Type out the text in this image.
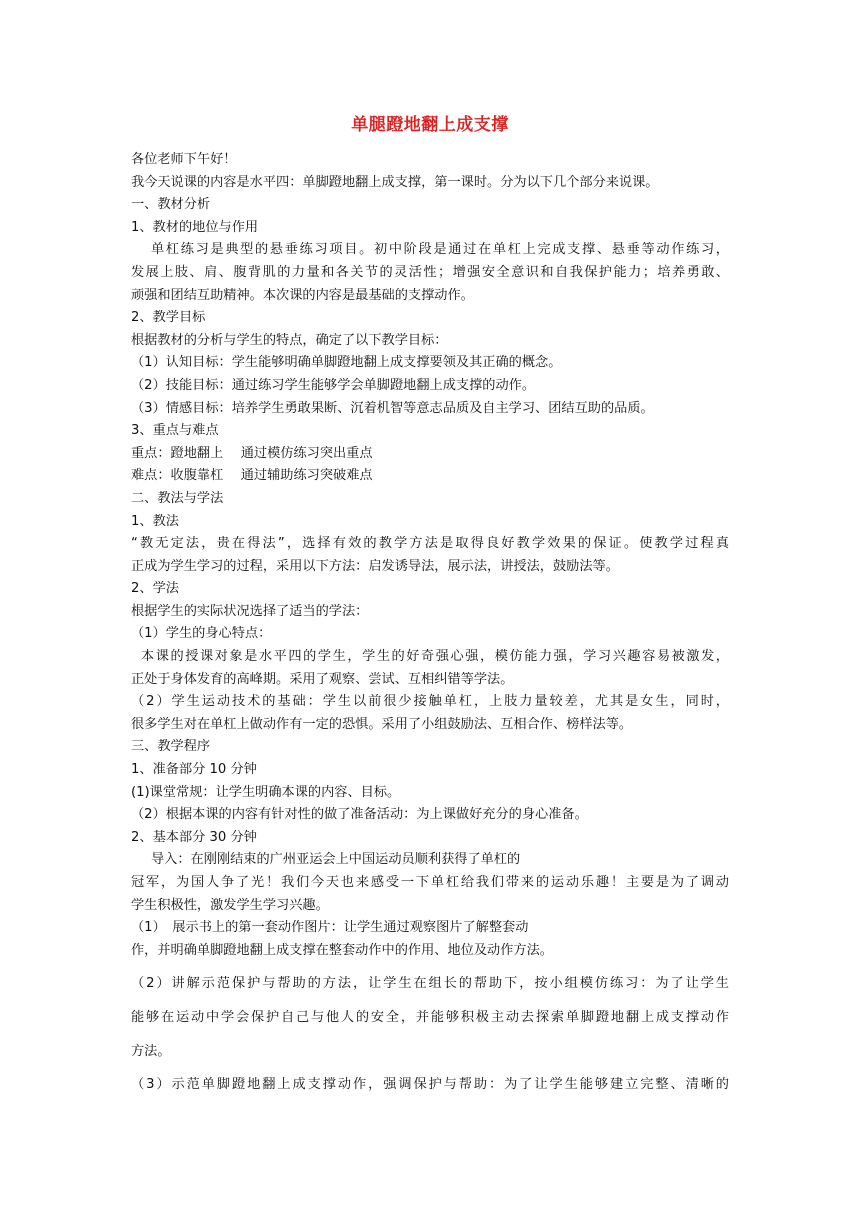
单腿蹬地翻上成支撑
各位老师下午好！
我今天说课的内容是水平四：单脚蹬地翻上成支撑，第一课时。分为以下几个部分来说课。
一、教材分析
1、教材的地位与作用
单杠练习是典型的悬垂练习项目。初中阶段是通过在单杠上完成支撑、悬垂等动作练习，
发展上肢、肩、腹背肌的力量和各关节的灵活性；增强安全意识和自我保护能力；培养勇敢、
顽强和团结互助精神。本次课的内容是最基础的支撑动作。
2、教学目标
根据教材的分析与学生的特点，确定了以下教学目标：
（1）认知目标：学生能够明确单脚蹬地翻上成支撑要领及其正确的概念。
（2）技能目标：通过练习学生能够学会单脚蹬地翻上成支撑的动作。
（3）情感目标：培养学生勇敢果断、沉着机智等意志品质及自主学习、团结互助的品质。
3、重点与难点
重点：蹬地翻上　 通过模仿练习突出重点
难点：收腹靠杠　 通过辅助练习突破难点
二、教法与学法
1、教法
“教无定法，贵在得法”，选择有效的教学方法是取得良好教学效果的保证。使教学过程真
正成为学生学习的过程，采用以下方法：启发诱导法，展示法，讲授法，鼓励法等。
2、学法
根据学生的实际状况选择了适当的学法：
（1）学生的身心特点：
本课的授课对象是水平四的学生，学生的好奇强心强，模仿能力强，学习兴趣容易被激发，
正处于身体发育的高峰期。采用了观察、尝试、互相纠错等学法。
（2）学生运动技术的基础：学生以前很少接触单杠，上肢力量较差，尤其是女生，同时，
很多学生对在单杠上做动作有一定的恐惧。采用了小组鼓励法、互相合作、榜样法等。
三、教学程序
1、准备部分 10 分钟
(1)课堂常规：让学生明确本课的内容、目标。
（2）根据本课的内容有针对性的做了准备活动：为上课做好充分的身心准备。
2、基本部分 30 分钟
导入：在刚刚结束的广州亚运会上中国运动员顺利获得了单杠的
冠军，为国人争了光！我们今天也来感受一下单杠给我们带来的运动乐趣！主要是为了调动
学生积极性，激发学生学习兴趣。
（1）　展示书上的第一套动作图片：让学生通过观察图片了解整套动
作，并明确单脚蹬地翻上成支撑在整套动作中的作用、地位及动作方法。
（2）讲解示范保护与帮助的方法，让学生在组长的帮助下，按小组模仿练习：为了让学生
能够在运动中学会保护自己与他人的安全，并能够积极主动去探索单脚蹬地翻上成支撑动作
方法。
（3）示范单脚蹬地翻上成支撑动作，强调保护与帮助：为了让学生能够建立完整、清晰的
